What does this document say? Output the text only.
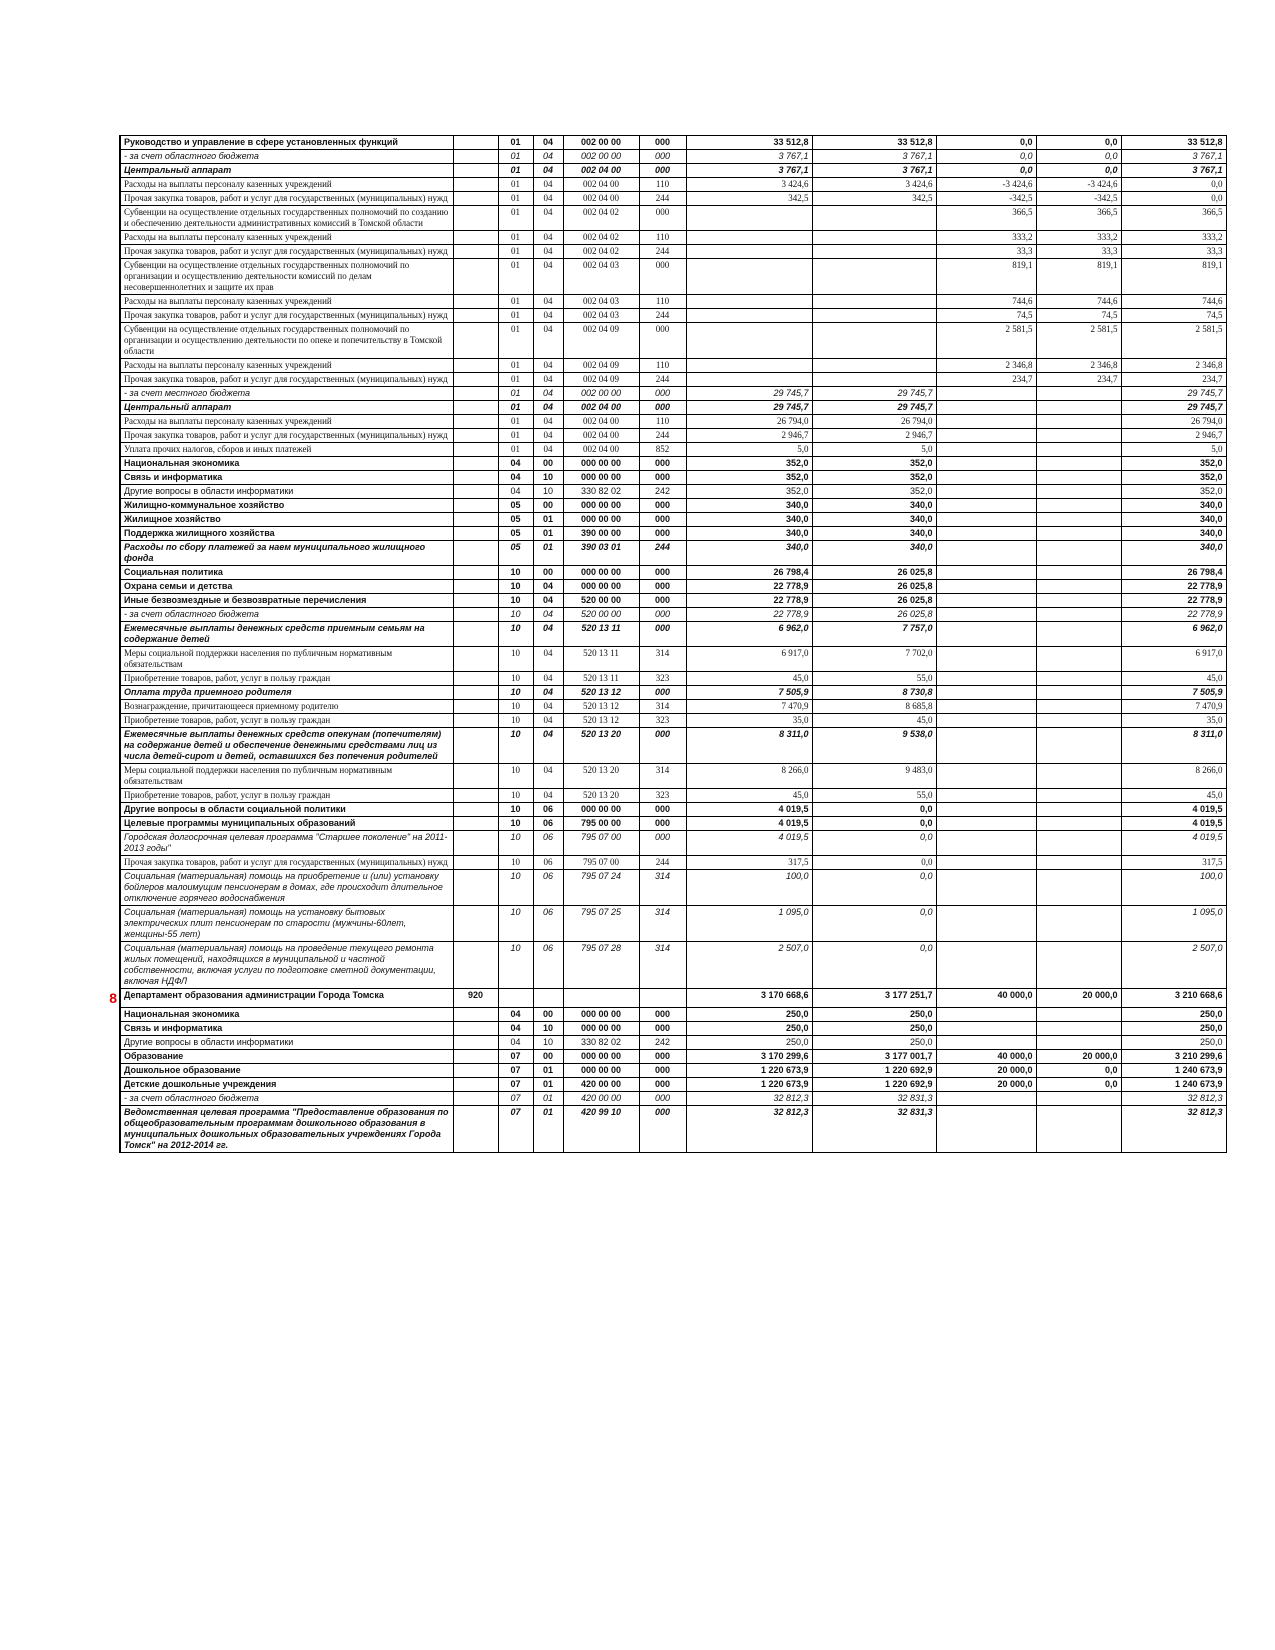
	Руководство и управление в сфере установленных функций		01	04	002 00 00	000	33 512,8	33 512,8	0,0	0,0	33 512,8
	- за счет областного бюджета		01	04	002 00 00	000	3 767,1	3 767,1	0,0	0,0	3 767,1
	Центральный аппарат		01	04	002 04 00	000	3 767,1	3 767,1	0,0	0,0	3 767,1
	Расходы на выплаты персоналу казенных учреждений		01	04	002 04 00	110	3 424,6	3 424,6	-3 424,6	-3 424,6	0,0
	Прочая закупка товаров, работ и услуг для государственных (муниципальных) нужд		01	04	002 04 00	244	342,5	342,5	-342,5	-342,5	0,0
	Субвенции на осуществление отдельных государственных полномочий по созданию и обеспечению деятельности административных комиссий в Томской области		01	04	002 04 02	000			366,5	366,5	366,5
	Расходы на выплаты персоналу казенных учреждений		01	04	002 04 02	110			333,2	333,2	333,2
	Прочая закупка товаров, работ и услуг для государственных (муниципальных) нужд		01	04	002 04 02	244			33,3	33,3	33,3
	Субвенции на осуществление отдельных государственных полномочий по организации и осуществлению деятельности комиссий по делам несовершеннолетних и защите их прав		01	04	002 04 03	000			819,1	819,1	819,1
	Расходы на выплаты персоналу казенных учреждений		01	04	002 04 03	110			744,6	744,6	744,6
	Прочая закупка товаров, работ и услуг для государственных (муниципальных) нужд		01	04	002 04 03	244			74,5	74,5	74,5
	Субвенции на осуществление отдельных государственных полномочий по организации и осуществлению деятельности по опеке и попечительству в Томской области		01	04	002 04 09	000			2 581,5	2 581,5	2 581,5
	Расходы на выплаты персоналу казенных учреждений		01	04	002 04 09	110			2 346,8	2 346,8	2 346,8
	Прочая закупка товаров, работ и услуг для государственных (муниципальных) нужд		01	04	002 04 09	244			234,7	234,7	234,7
	- за счет местного бюджета		01	04	002 00 00	000	29 745,7	29 745,7			29 745,7
	Центральный аппарат		01	04	002 04 00	000	29 745,7	29 745,7			29 745,7
	Расходы на выплаты персоналу казенных учреждений		01	04	002 04 00	110	26 794,0	26 794,0			26 794,0
	Прочая закупка товаров, работ и услуг для государственных (муниципальных) нужд		01	04	002 04 00	244	2 946,7	2 946,7			2 946,7
	Уплата прочих налогов, сборов и иных платежей		01	04	002 04 00	852	5,0	5,0			5,0
	Национальная экономика		04	00	000 00 00	000	352,0	352,0			352,0
	Связь и информатика		04	10	000 00 00	000	352,0	352,0			352,0
	Другие вопросы в области информатики		04	10	330 82 02	242	352,0	352,0			352,0
	Жилищно-коммунальное хозяйство		05	00	000 00 00	000	340,0	340,0			340,0
	Жилищное хозяйство		05	01	000 00 00	000	340,0	340,0			340,0
	Поддержка жилищного хозяйства		05	01	390 00 00	000	340,0	340,0			340,0
	Расходы по сбору платежей за наем муниципального жилищного фонда		05	01	390 03 01	244	340,0	340,0			340,0
	Социальная политика		10	00	000 00 00	000	26 798,4	26 025,8			26 798,4
	Охрана семьи и детства		10	04	000 00 00	000	22 778,9	26 025,8			22 778,9
	Иные безвозмездные и безвозвратные перечисления		10	04	520 00 00	000	22 778,9	26 025,8			22 778,9
	- за счет областного бюджета		10	04	520 00 00	000	22 778,9	26 025,8			22 778,9
	Ежемесячные выплаты денежных средств приемным семьям на содержание детей		10	04	520 13 11	000	6 962,0	7 757,0			6 962,0
	Меры социальной поддержки населения по публичным нормативным обязательствам		10	04	520 13 11	314	6 917,0	7 702,0			6 917,0
	Приобретение товаров, работ, услуг в пользу граждан		10	04	520 13 11	323	45,0	55,0			45,0
	Оплата труда приемного родителя		10	04	520 13 12	000	7 505,9	8 730,8			7 505,9
	Вознаграждение, причитающееся приемному родителю		10	04	520 13 12	314	7 470,9	8 685,8			7 470,9
	Приобретение товаров, работ, услуг в пользу граждан		10	04	520 13 12	323	35,0	45,0			35,0
	Ежемесячные выплаты денежных средств опекунам (попечителям) на содержание детей и обеспечение денежными средствами лиц из числа детей-сирот и детей, оставшихся без попечения родителей		10	04	520 13 20	000	8 311,0	9 538,0			8 311,0
	Меры социальной поддержки населения по публичным нормативным обязательствам		10	04	520 13 20	314	8 266,0	9 483,0			8 266,0
	Приобретение товаров, работ, услуг в пользу граждан		10	04	520 13 20	323	45,0	55,0			45,0
	Другие вопросы в области социальной политики		10	06	000 00 00	000	4 019,5	0,0			4 019,5
	Целевые программы муниципальных образований		10	06	795 00 00	000	4 019,5	0,0			4 019,5
	Городская долгосрочная целевая программа "Старшее поколение" на 2011-2013 годы"		10	06	795 07 00	000	4 019,5	0,0			4 019,5
	Прочая закупка товаров, работ и услуг для государственных (муниципальных) нужд		10	06	795 07 00	244	317,5	0,0			317,5
	Социальная (материальная) помощь на приобретение и (или) установку бойлеров малоимущим пенсионерам в домах, где происходит длительное отключение горячего водоснабжения		10	06	795 07 24	314	100,0	0,0			100,0
	Социальная (материальная) помощь на установку бытовых электрических плит пенсионерам по старости (мужчины-60лет, женщины-55 лет)		10	06	795 07 25	314	1 095,0	0,0			1 095,0
	Социальная (материальная) помощь на проведение текущего ремонта жилых помещений, находящихся в муниципальной и частной собственности, включая услуги по подготовке сметной документации, включая НДФЛ		10	06	795 07 28	314	2 507,0	0,0			2 507,0
8	Департамент образования администрации Города Томска	920					3 170 668,6	3 177 251,7	40 000,0	20 000,0	3 210 668,6
	Национальная экономика		04	00	000 00 00	000	250,0	250,0			250,0
	Связь и информатика		04	10	000 00 00	000	250,0	250,0			250,0
	Другие вопросы в области информатики		04	10	330 82 02	242	250,0	250,0			250,0
	Образование		07	00	000 00 00	000	3 170 299,6	3 177 001,7	40 000,0	20 000,0	3 210 299,6
	Дошкольное образование		07	01	000 00 00	000	1 220 673,9	1 220 692,9	20 000,0	0,0	1 240 673,9
	Детские дошкольные учреждения		07	01	420 00 00	000	1 220 673,9	1 220 692,9	20 000,0	0,0	1 240 673,9
	- за счет областного бюджета		07	01	420 00 00	000	32 812,3	32 831,3			32 812,3
	Ведомственная целевая программа "Предоставление образования по общеобразовательным программам дошкольного образования в муниципальных дошкольных образовательных учреждениях Города Томск" на 2012-2014 гг.		07	01	420 99 10	000	32 812,3	32 831,3			32 812,3
